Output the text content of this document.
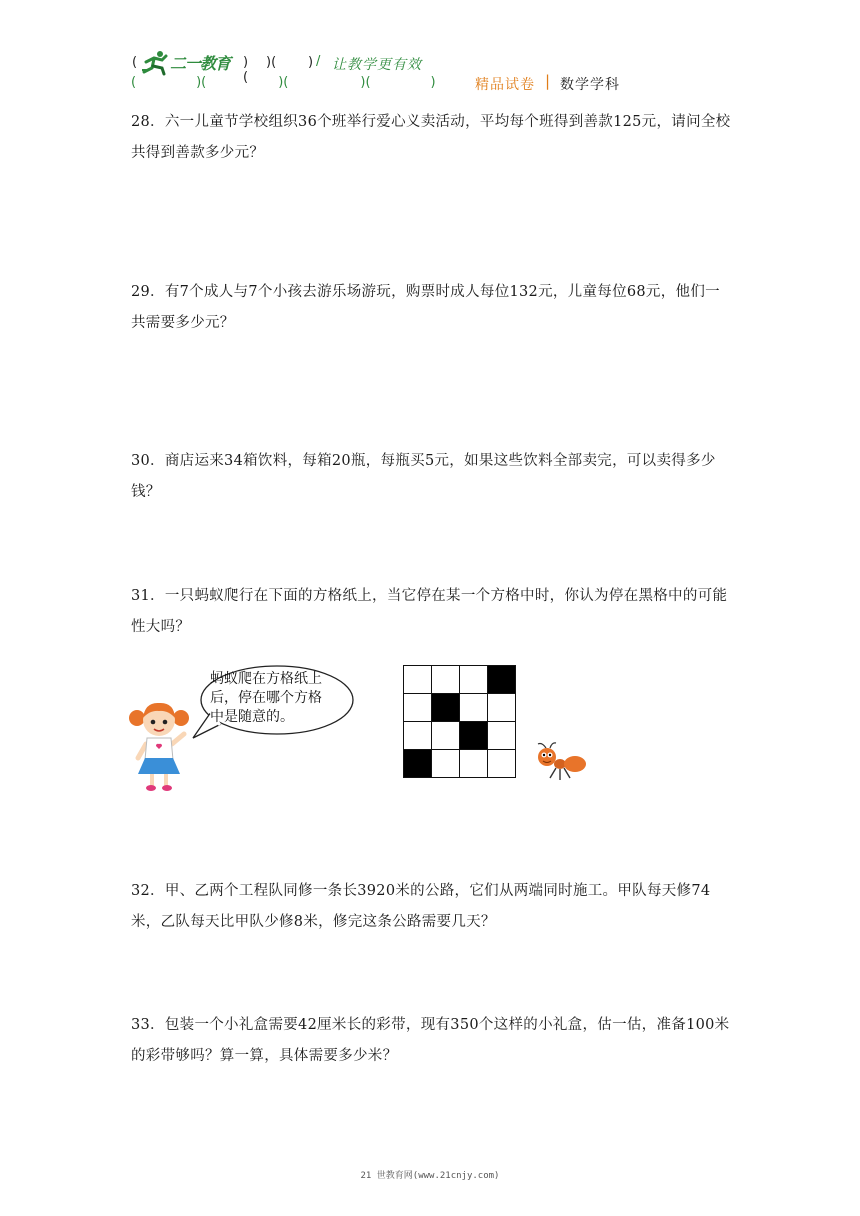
( 二一教育 )(
)( ) / 让教学更有效
(​	)(	)(	)(	)	精品试卷 | 数学学科
28．六一儿童节学校组织36个班举行爱心义卖活动，平均每个班得到善款125元，请问全校共得到善款多少元？
29．有7个成人与7个小孩去游乐场游玩，购票时成人每位132元，儿童每位68元，他们一共需要多少元？
30．商店运来34箱饮料，每箱20瓶，每瓶买5元，如果这些饮料全部卖完，可以卖得多少钱？
31．一只蚂蚁爬行在下面的方格纸上，当它停在某一个方格中时，你认为停在黑格中的可能性大吗？
蚂蚁爬在方格纸上
后，停在哪个方格
中是随意的。

32．甲、乙两个工程队同修一条长3920米的公路，它们从两端同时施工。甲队每天修74米，乙队每天比甲队少修8米，修完这条公路需要几天？
33．包装一个小礼盒需要42厘米长的彩带，现有350个这样的小礼盒，估一估，准备100米的彩带够吗？算一算，具体需要多少米？
21 世教育网(www.21cnjy.com)
